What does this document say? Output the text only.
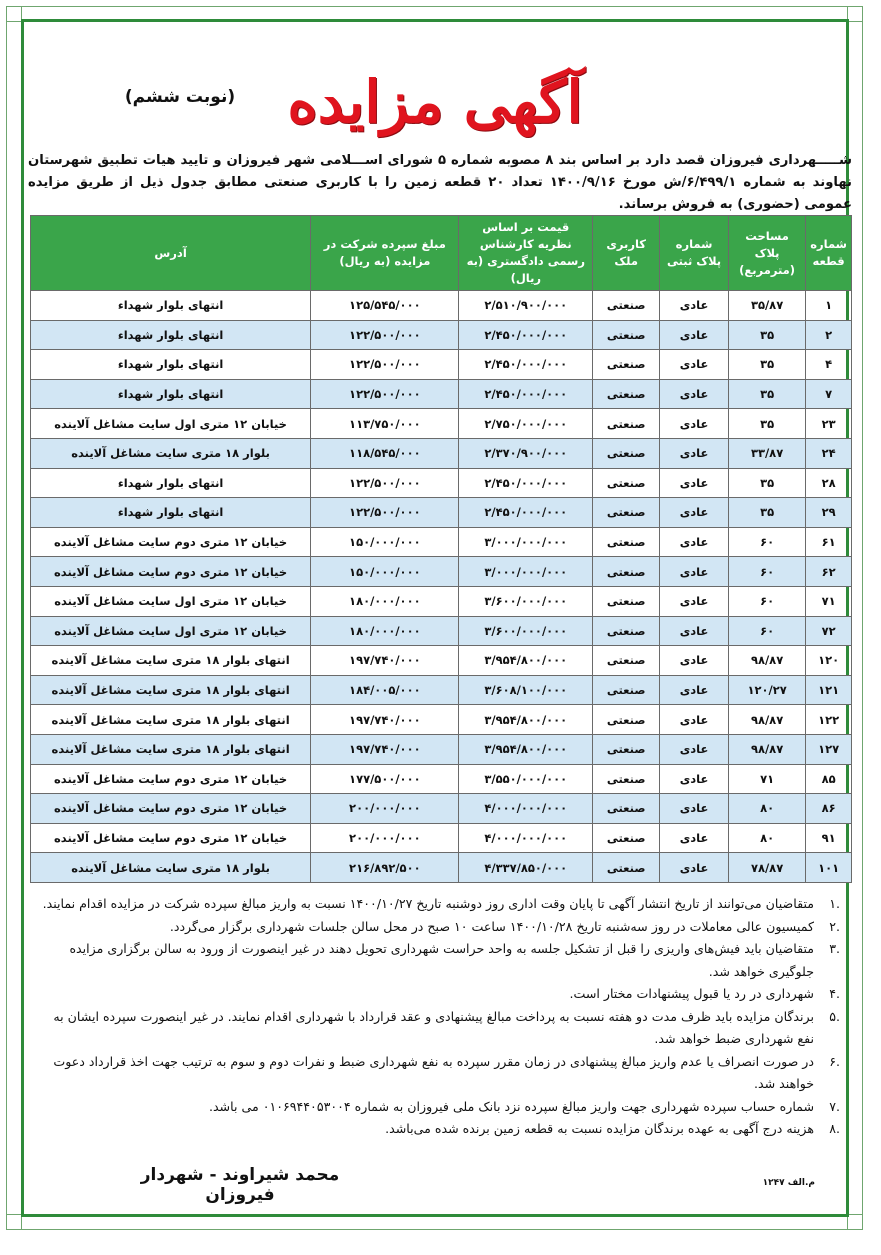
آگهی مزایده
(نوبت ششم)
شـــــهرداری فیروزان قصد دارد بر اساس بند ۸ مصوبه شماره ۵ شورای اســـلامی شهر فیروزان و تایید هیات تطبیق شهرستان نهاوند به شماره ۶/۴۹۹/۱/ش مورخ ۱۴۰۰/۹/۱۶ تعداد ۲۰ قطعه زمین را با کاربری صنعتی مطابق جدول ذیل از طریق مزایده عمومی (حضوری) به فروش برساند.
شماره قطعه	مساحت پلاک (مترمربع)	شماره پلاک ثبتی	کاربری ملک	قیمت بر اساس نظریه کارشناس رسمی دادگستری (به ریال)	مبلغ سپرده شرکت در مزایده (به ریال)	آدرس
۱	۳۵/۸۷	عادی	صنعتی	۲/۵۱۰/۹۰۰/۰۰۰	۱۲۵/۵۴۵/۰۰۰	انتهای بلوار شهداء
۲	۳۵	عادی	صنعتی	۲/۴۵۰/۰۰۰/۰۰۰	۱۲۲/۵۰۰/۰۰۰	انتهای بلوار شهداء
۴	۳۵	عادی	صنعتی	۲/۴۵۰/۰۰۰/۰۰۰	۱۲۲/۵۰۰/۰۰۰	انتهای بلوار شهداء
۷	۳۵	عادی	صنعتی	۲/۴۵۰/۰۰۰/۰۰۰	۱۲۲/۵۰۰/۰۰۰	انتهای بلوار شهداء
۲۳	۳۵	عادی	صنعتی	۲/۷۵۰/۰۰۰/۰۰۰	۱۱۳/۷۵۰/۰۰۰	خیابان ۱۲ متری اول سایت مشاغل آلاینده
۲۴	۳۳/۸۷	عادی	صنعتی	۲/۳۷۰/۹۰۰/۰۰۰	۱۱۸/۵۴۵/۰۰۰	بلوار ۱۸ متری سایت مشاغل آلاینده
۲۸	۳۵	عادی	صنعتی	۲/۴۵۰/۰۰۰/۰۰۰	۱۲۲/۵۰۰/۰۰۰	انتهای بلوار شهداء
۲۹	۳۵	عادی	صنعتی	۲/۴۵۰/۰۰۰/۰۰۰	۱۲۲/۵۰۰/۰۰۰	انتهای بلوار شهداء
۶۱	۶۰	عادی	صنعتی	۳/۰۰۰/۰۰۰/۰۰۰	۱۵۰/۰۰۰/۰۰۰	خیابان ۱۲ متری دوم سایت مشاغل آلاینده
۶۲	۶۰	عادی	صنعتی	۳/۰۰۰/۰۰۰/۰۰۰	۱۵۰/۰۰۰/۰۰۰	خیابان ۱۲ متری دوم سایت مشاغل آلاینده
۷۱	۶۰	عادی	صنعتی	۳/۶۰۰/۰۰۰/۰۰۰	۱۸۰/۰۰۰/۰۰۰	خیابان ۱۲ متری اول سایت مشاغل آلاینده
۷۲	۶۰	عادی	صنعتی	۳/۶۰۰/۰۰۰/۰۰۰	۱۸۰/۰۰۰/۰۰۰	خیابان ۱۲ متری اول سایت مشاغل آلاینده
۱۲۰	۹۸/۸۷	عادی	صنعتی	۳/۹۵۴/۸۰۰/۰۰۰	۱۹۷/۷۴۰/۰۰۰	انتهای بلوار ۱۸ متری سایت مشاغل آلاینده
۱۲۱	۱۲۰/۲۷	عادی	صنعتی	۳/۶۰۸/۱۰۰/۰۰۰	۱۸۴/۰۰۵/۰۰۰	انتهای بلوار ۱۸ متری سایت مشاغل آلاینده
۱۲۲	۹۸/۸۷	عادی	صنعتی	۳/۹۵۴/۸۰۰/۰۰۰	۱۹۷/۷۴۰/۰۰۰	انتهای بلوار ۱۸ متری سایت مشاغل آلاینده
۱۲۷	۹۸/۸۷	عادی	صنعتی	۳/۹۵۴/۸۰۰/۰۰۰	۱۹۷/۷۴۰/۰۰۰	انتهای بلوار ۱۸ متری سایت مشاغل آلاینده
۸۵	۷۱	عادی	صنعتی	۳/۵۵۰/۰۰۰/۰۰۰	۱۷۷/۵۰۰/۰۰۰	خیابان ۱۲ متری دوم سایت مشاغل آلاینده
۸۶	۸۰	عادی	صنعتی	۴/۰۰۰/۰۰۰/۰۰۰	۲۰۰/۰۰۰/۰۰۰	خیابان ۱۲ متری دوم سایت مشاغل آلاینده
۹۱	۸۰	عادی	صنعتی	۴/۰۰۰/۰۰۰/۰۰۰	۲۰۰/۰۰۰/۰۰۰	خیابان ۱۲ متری دوم سایت مشاغل آلاینده
۱۰۱	۷۸/۸۷	عادی	صنعتی	۴/۳۳۷/۸۵۰/۰۰۰	۲۱۶/۸۹۲/۵۰۰	بلوار ۱۸ متری سایت مشاغل آلاینده
.۱
متقاضیان می‌توانند از تاریخ انتشار آگهی تا پایان وقت اداری روز دوشنبه تاریخ ۱۴۰۰/۱۰/۲۷ نسبت به واریز مبالغ سپرده شرکت در مزایده اقدام نمایند.
.۲
کمیسیون عالی معاملات در روز سه‌شنبه تاریخ ۱۴۰۰/۱۰/۲۸ ساعت ۱۰ صبح در محل سالن جلسات شهرداری برگزار می‌گردد.
.۳
متقاضیان باید فیش‌های واریزی را قبل از تشکیل جلسه به واحد حراست شهرداری تحویل دهند در غیر اینصورت از ورود به سالن برگزاری مزایده جلوگیری خواهد شد.
.۴
شهرداری در رد یا قبول پیشنهادات مختار است.
.۵
برندگان مزایده باید ظرف مدت دو هفته نسبت به پرداخت مبالغ پیشنهادی و عقد قرارداد با شهرداری اقدام نمایند. در غیر اینصورت سپرده ایشان به نفع شهرداری ضبط خواهد شد.
.۶
در صورت انصراف یا عدم واریز مبالغ پیشنهادی در زمان مقرر سپرده به نفع شهرداری ضبط و نفرات دوم و سوم به ترتیب جهت اخذ قرارداد دعوت خواهند شد.
.۷
شماره حساب سپرده شهرداری جهت واریز مبالغ سپرده نزد بانک ملی فیروزان به شماره ۰۱۰۶۹۴۴۰۵۳۰۰۴ می باشد.
.۸
هزینه درج آگهی به عهده برندگان مزایده نسبت به قطعه زمین برنده شده می‌باشد.
محمد شیراوند - شهردار فیروزان
م.الف ۱۲۴۷
